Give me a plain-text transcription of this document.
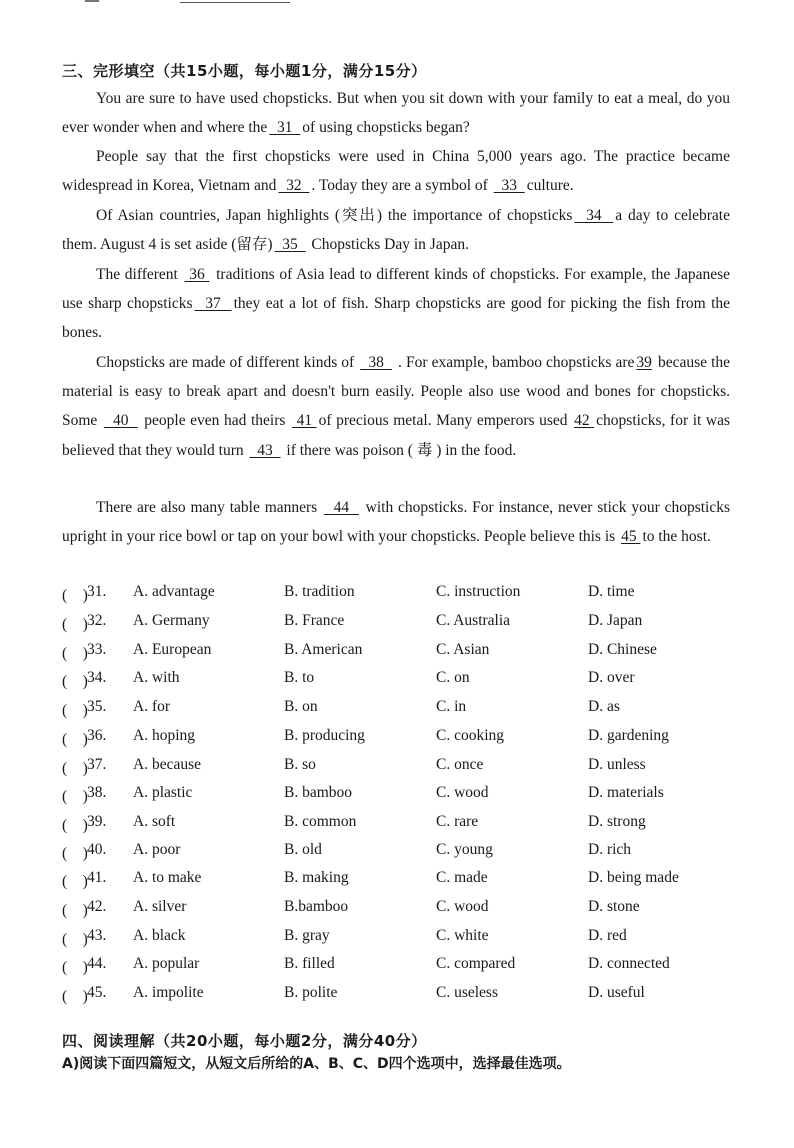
三、完形填空（共15小题，每小题1分，满分15分）
You are sure to have used chopsticks. But when you sit down with your family to eat a meal, do you ever wonder when and where the  31  of using chopsticks began?
People say that the first chopsticks were used in China 5,000 years ago. The practice became widespread in Korea, Vietnam and  32  . Today they are a symbol of   33  culture.
Of Asian countries, Japan highlights (突出) the importance of chopsticks  34  a day to celebrate them. August 4 is set aside (留存)  35   Chopsticks Day in Japan.
The different  36  traditions of Asia lead to different kinds of chopsticks. For example, the Japanese use sharp chopsticks  37  they eat a lot of fish. Sharp chopsticks are good for picking the fish from the bones.
Chopsticks are made of different kinds of   38   . For example, bamboo chopsticks are 39 because the material is easy to break apart and doesn't burn easily. People also use wood and bones for chopsticks. Some   40   people even had theirs  41 of precious metal. Many emperors used 42 chopsticks, for it was believed that they would turn   43   if there was poison ( 毒 ) in the food.
There are also many table manners   44   with chopsticks. For instance, never stick your chopsticks upright in your rice bowl or tap on your bowl with your chopsticks. People believe this is 45 to the host.
(　) 31. A. advantage	B. tradition	C. instruction	D. time
(　) 32. A. Germany	B. France	C. Australia	D. Japan
(　) 33. A. European	B. American	C. Asian	D. Chinese
(　) 34. A. with	B. to	C. on	D. over
(　) 35. A. for	B. on	C. in	D. as
(　) 36. A. hoping	B. producing	C. cooking	D. gardening
(　) 37. A. because	B. so	C. once	D. unless
(　) 38. A. plastic	B. bamboo	C. wood	D. materials
(　) 39. A. soft	B. common	C. rare	D. strong
(　) 40. A. poor	B. old	C. young	D. rich
(　) 41. A. to make	B. making	C. made	D. being made
(　) 42. A. silver	B.bamboo	C. wood	D. stone
(　) 43. A. black	B. gray	C. white	D. red
(　) 44. A. popular	B. filled	C. compared	D. connected
(　) 45. A. impolite	B. polite	C. useless	D. useful
四、阅读理解（共20小题，每小题2分，满分40分）
A)阅读下面四篇短文，从短文后所给的A、B、C、D四个选项中，选择最佳选项。
